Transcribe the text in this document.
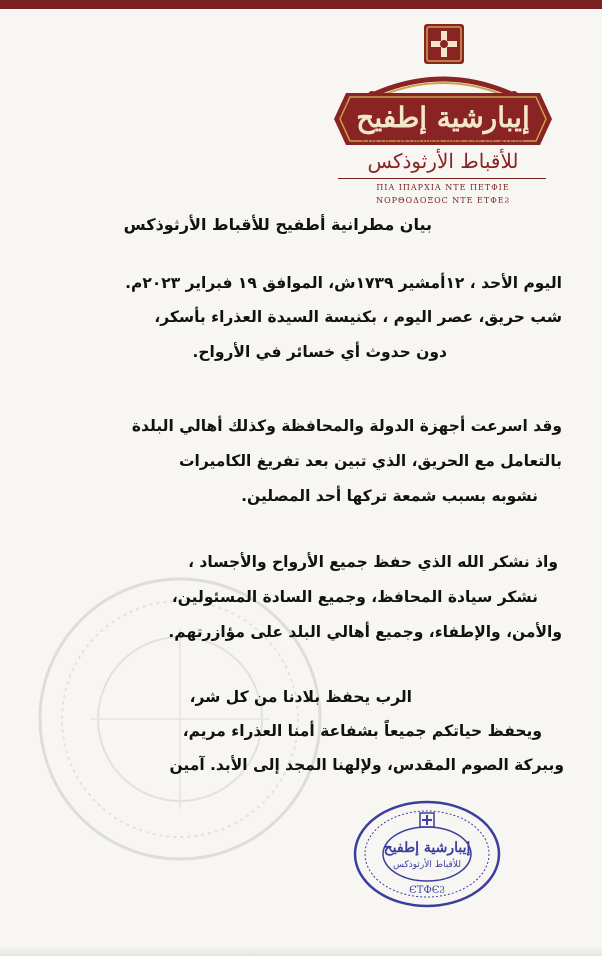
إيبارشية إطفيح
COPTIC ORTHODOX DIOCESE OF ATFIH
للأقباط الأرثوذكس
ΠΙΑ ΙΠΑΡΧΙΑ ΝΤΕ ΠΕΤΦΙΕ
ΝΟΡΘΟΔΟΞΟϹ ΝΤΕ ΕΤΦΕϨ
بيان مطرانية أطفيح للأقباط الأرثوذكس
اليوم الأحد ، ١٢أمشير ١٧٣٩ش، الموافق ١٩ فبراير ٢٠٢٣م.
شب حريق، عصر اليوم ، بكنيسة السيدة العذراء بأسكر،
دون حدوث أي خسائر في الأرواح.
وقد اسرعت أجهزة الدولة والمحافظة وكذلك أهالي البلدة
بالتعامل مع الحريق، الذي تبين بعد تفريغ الكاميرات
نشوبه بسبب شمعة تركها أحد المصلين.
واذ نشكر الله الذي حفظ جميع الأرواح والأجساد ،
نشكر سيادة المحافظ، وجميع السادة المسئولين،
والأمن، والإطفاء، وجميع أهالي البلد على مؤازرتهم.
الرب يحفظ بلادنا من كل شر،
ويحفظ حياتكم جميعاً بشفاعة أمنا العذراء مريم،
وببركة الصوم المقدس، ولإلهنا المجد إلى الأبد. آمين
إيبارشية إطفيح
للأقباط الأرثوذكس
ЄТФЄϨ
